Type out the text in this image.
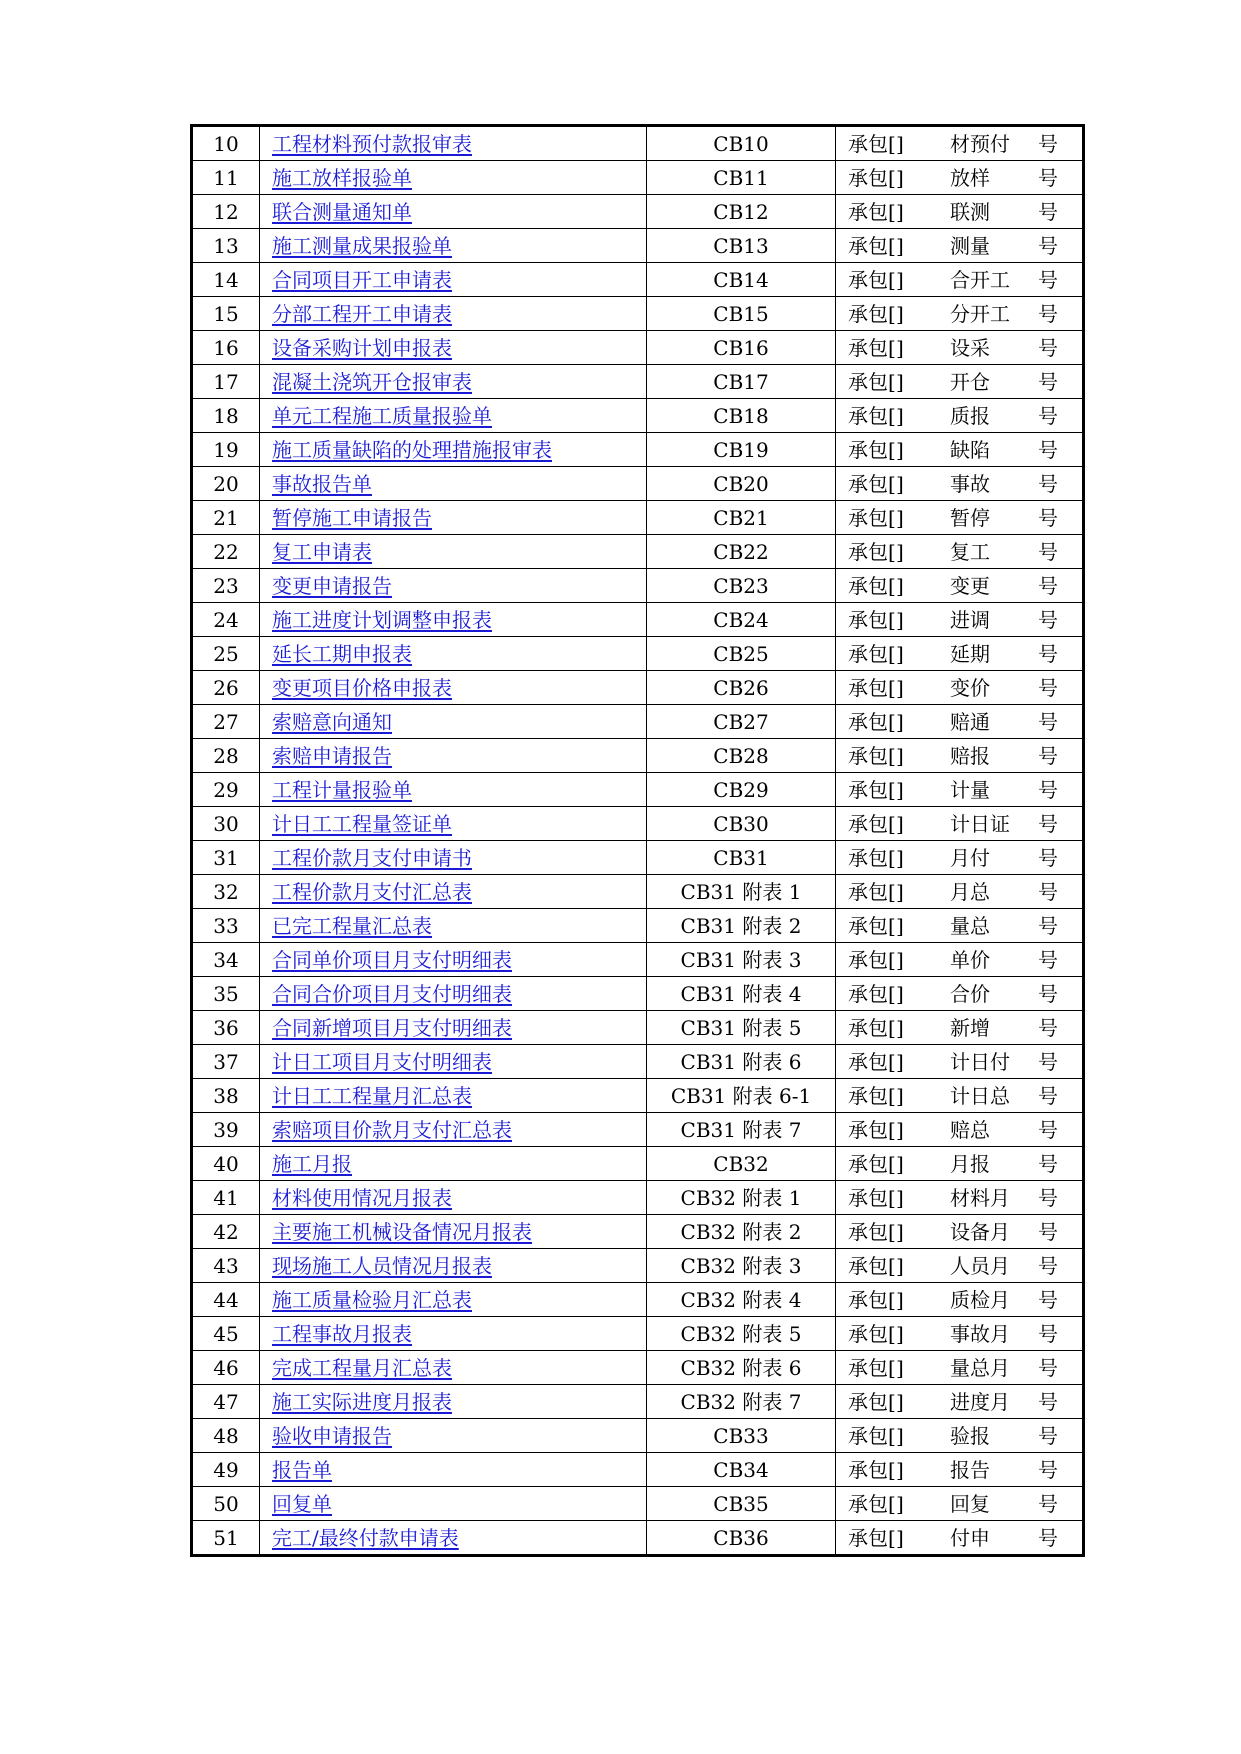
10	工程材料预付款报审表	CB10	承包[] 材预付 号
11	施工放样报验单	CB11	承包[] 放样 号
12	联合测量通知单	CB12	承包[] 联测 号
13	施工测量成果报验单	CB13	承包[] 测量 号
14	合同项目开工申请表	CB14	承包[] 合开工 号
15	分部工程开工申请表	CB15	承包[] 分开工 号
16	设备采购计划申报表	CB16	承包[] 设采 号
17	混凝土浇筑开仓报审表	CB17	承包[] 开仓 号
18	单元工程施工质量报验单	CB18	承包[] 质报 号
19	施工质量缺陷的处理措施报审表	CB19	承包[] 缺陷 号
20	事故报告单	CB20	承包[] 事故 号
21	暂停施工申请报告	CB21	承包[] 暂停 号
22	复工申请表	CB22	承包[] 复工 号
23	变更申请报告	CB23	承包[] 变更 号
24	施工进度计划调整申报表	CB24	承包[] 进调 号
25	延长工期申报表	CB25	承包[] 延期 号
26	变更项目价格申报表	CB26	承包[] 变价 号
27	索赔意向通知	CB27	承包[] 赔通 号
28	索赔申请报告	CB28	承包[] 赔报 号
29	工程计量报验单	CB29	承包[] 计量 号
30	计日工工程量签证单	CB30	承包[] 计日证 号
31	工程价款月支付申请书	CB31	承包[] 月付 号
32	工程价款月支付汇总表	CB31 附表 1	承包[] 月总 号
33	已完工程量汇总表	CB31 附表 2	承包[] 量总 号
34	合同单价项目月支付明细表	CB31 附表 3	承包[] 单价 号
35	合同合价项目月支付明细表	CB31 附表 4	承包[] 合价 号
36	合同新增项目月支付明细表	CB31 附表 5	承包[] 新增 号
37	计日工项目月支付明细表	CB31 附表 6	承包[] 计日付 号
38	计日工工程量月汇总表	CB31 附表 6-1	承包[] 计日总 号
39	索赔项目价款月支付汇总表	CB31 附表 7	承包[] 赔总 号
40	施工月报	CB32	承包[] 月报 号
41	材料使用情况月报表	CB32 附表 1	承包[] 材料月 号
42	主要施工机械设备情况月报表	CB32 附表 2	承包[] 设备月 号
43	现场施工人员情况月报表	CB32 附表 3	承包[] 人员月 号
44	施工质量检验月汇总表	CB32 附表 4	承包[] 质检月 号
45	工程事故月报表	CB32 附表 5	承包[] 事故月 号
46	完成工程量月汇总表	CB32 附表 6	承包[] 量总月 号
47	施工实际进度月报表	CB32 附表 7	承包[] 进度月 号
48	验收申请报告	CB33	承包[] 验报 号
49	报告单	CB34	承包[] 报告 号
50	回复单	CB35	承包[] 回复 号
51	完工/最终付款申请表	CB36	承包[] 付申 号
